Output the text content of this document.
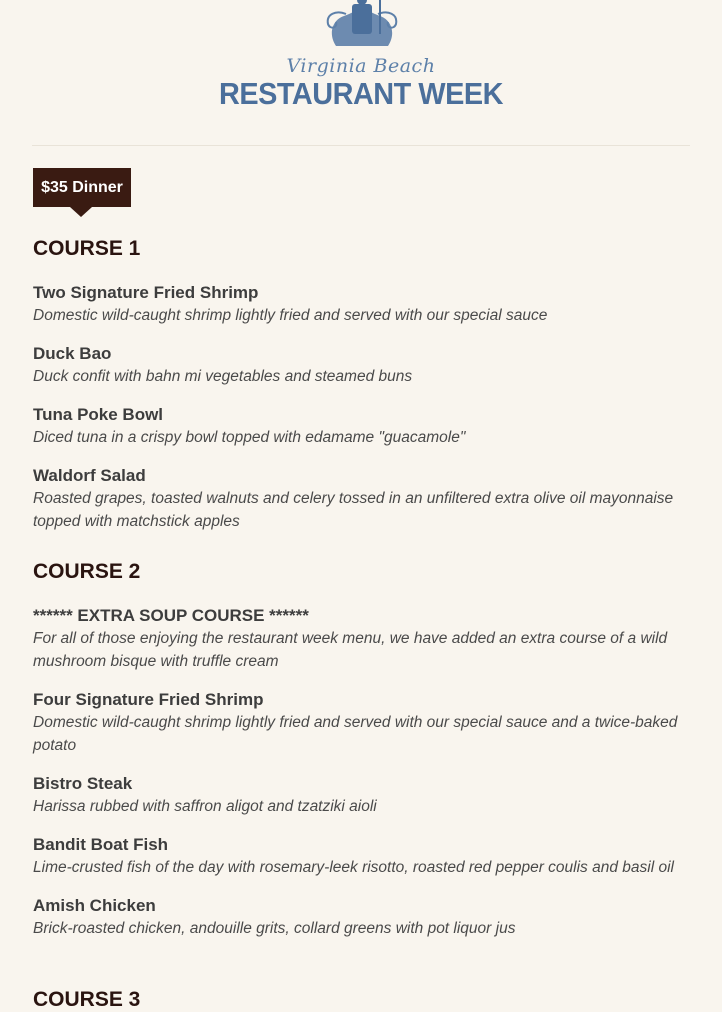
Virginia Beach
RESTAURANT WEEK
$35 Dinner
COURSE 1
Two Signature Fried Shrimp
Domestic wild-caught shrimp lightly fried and served with our special sauce
Duck Bao
Duck confit with bahn mi vegetables and steamed buns
Tuna Poke Bowl
Diced tuna in a crispy bowl topped with edamame "guacamole"
Waldorf Salad
Roasted grapes, toasted walnuts and celery tossed in an unfiltered extra olive oil mayonnaise topped with matchstick apples
COURSE 2
****** EXTRA SOUP COURSE ******
For all of those enjoying the restaurant week menu, we have added an extra course of a wild mushroom bisque with truffle cream
Four Signature Fried Shrimp
Domestic wild-caught shrimp lightly fried and served with our special sauce and a twice-baked potato
Bistro Steak
Harissa rubbed with saffron aligot and tzatziki aioli
Bandit Boat Fish
Lime-crusted fish of the day with rosemary-leek risotto, roasted red pepper coulis and basil oil
Amish Chicken
Brick-roasted chicken, andouille grits, collard greens with pot liquor jus
COURSE 3
